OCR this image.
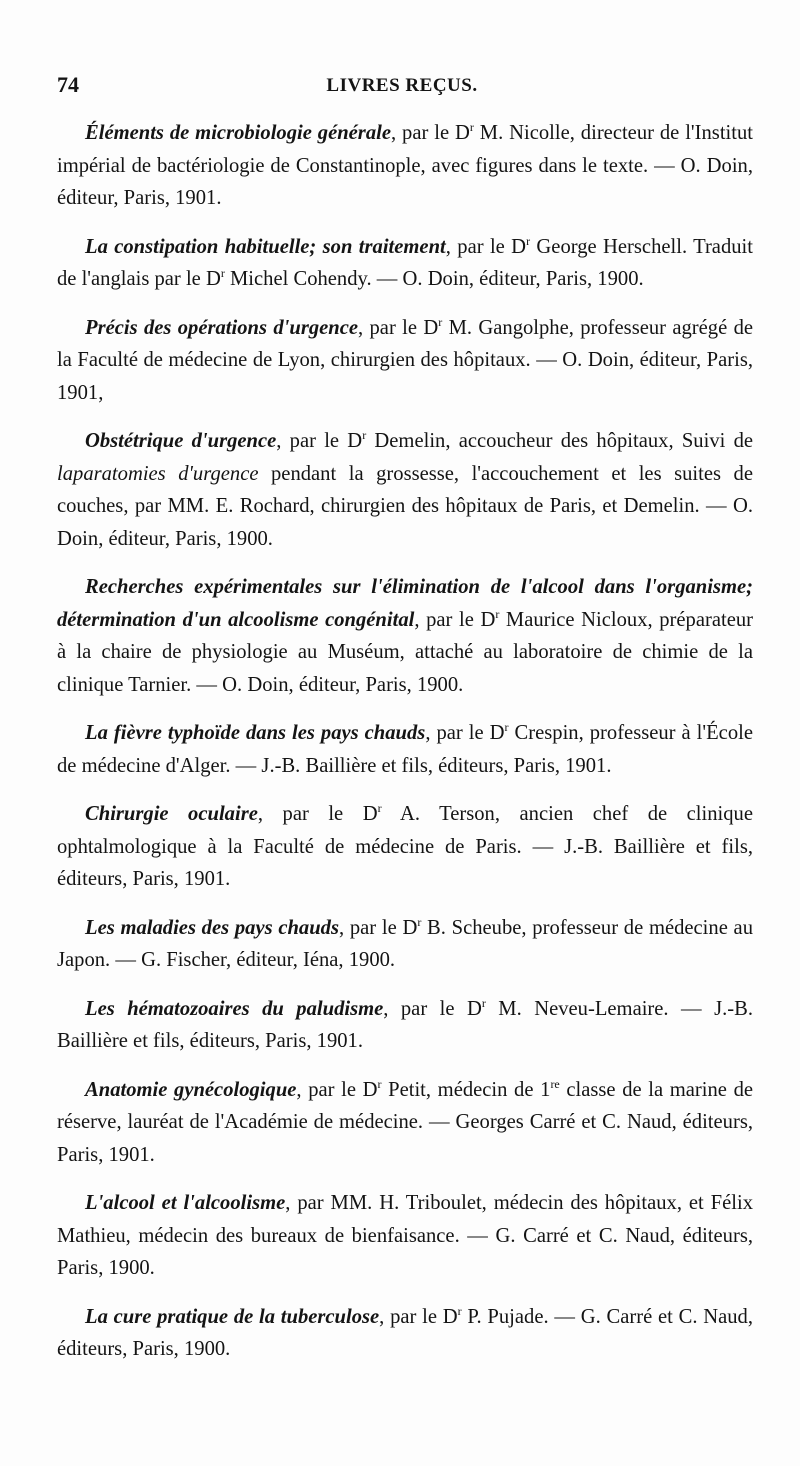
74	LIVRES REÇUS.

Éléments de microbiologie générale, par le $D^r$ M. Nicolle, directeur de l'Institut impérial de bactériologie de Constantinople, avec figures dans le texte. — O. Doin, éditeur, Paris, 1901.

La constipation habituelle; son traitement, par le $D^r$ George Herschell. Traduit de l'anglais par le $D^r$ Michel Cohendy. — O. Doin, éditeur, Paris, 1900.

Précis des opérations d'urgence, par le $D^r$ M. Gangolphe, professeur agrégé de la Faculté de médecine de Lyon, chirurgien des hôpitaux. — O. Doin, éditeur, Paris, 1901,

Obstétrique d'urgence, par le $D^r$ Demelin, accoucheur des hôpitaux, Suivi de laparatomies d'urgence pendant la grossesse, l'accouchement et les suites de couches, par MM. E. Rochard, chirurgien des hôpitaux de Paris, et Demelin. — O. Doin, éditeur, Paris, 1900.

Recherches expérimentales sur l'élimination de l'alcool dans l'organisme; détermination d'un alcoolisme congénital, par le $D^r$ Maurice Nicloux, préparateur à la chaire de physiologie au Muséum, attaché au laboratoire de chimie de la clinique Tarnier. — O. Doin, éditeur, Paris, 1900.

La fièvre typhoïde dans les pays chauds, par le $D^r$ Crespin, professeur à l'École de médecine d'Alger. — J.-B. Baillière et fils, éditeurs, Paris, 1901.

Chirurgie oculaire, par le $D^r$ A. Terson, ancien chef de clinique ophtalmologique à la Faculté de médecine de Paris. — J.-B. Baillière et fils, éditeurs, Paris, 1901.

Les maladies des pays chauds, par le $D^r$ B. Scheube, professeur de médecine au Japon. — G. Fischer, éditeur, Iéna, 1900.

Les hématozoaires du paludisme, par le $D^r$ M. Neveu-Lemaire. — J.-B. Baillière et fils, éditeurs, Paris, 1901.

Anatomie gynécologique, par le $D^r$ Petit, médecin de 1re classe de la marine de réserve, lauréat de l'Académie de médecine. — Georges Carré et C. Naud, éditeurs, Paris, 1901.

L'alcool et l'alcoolisme, par MM. H. Triboulet, médecin des hôpitaux, et Félix Mathieu, médecin des bureaux de bienfaisance. — G. Carré et C. Naud, éditeurs, Paris, 1900.

La cure pratique de la tuberculose, par le $D^r$ P. Pujade. — G. Carré et C. Naud, éditeurs, Paris, 1900.
